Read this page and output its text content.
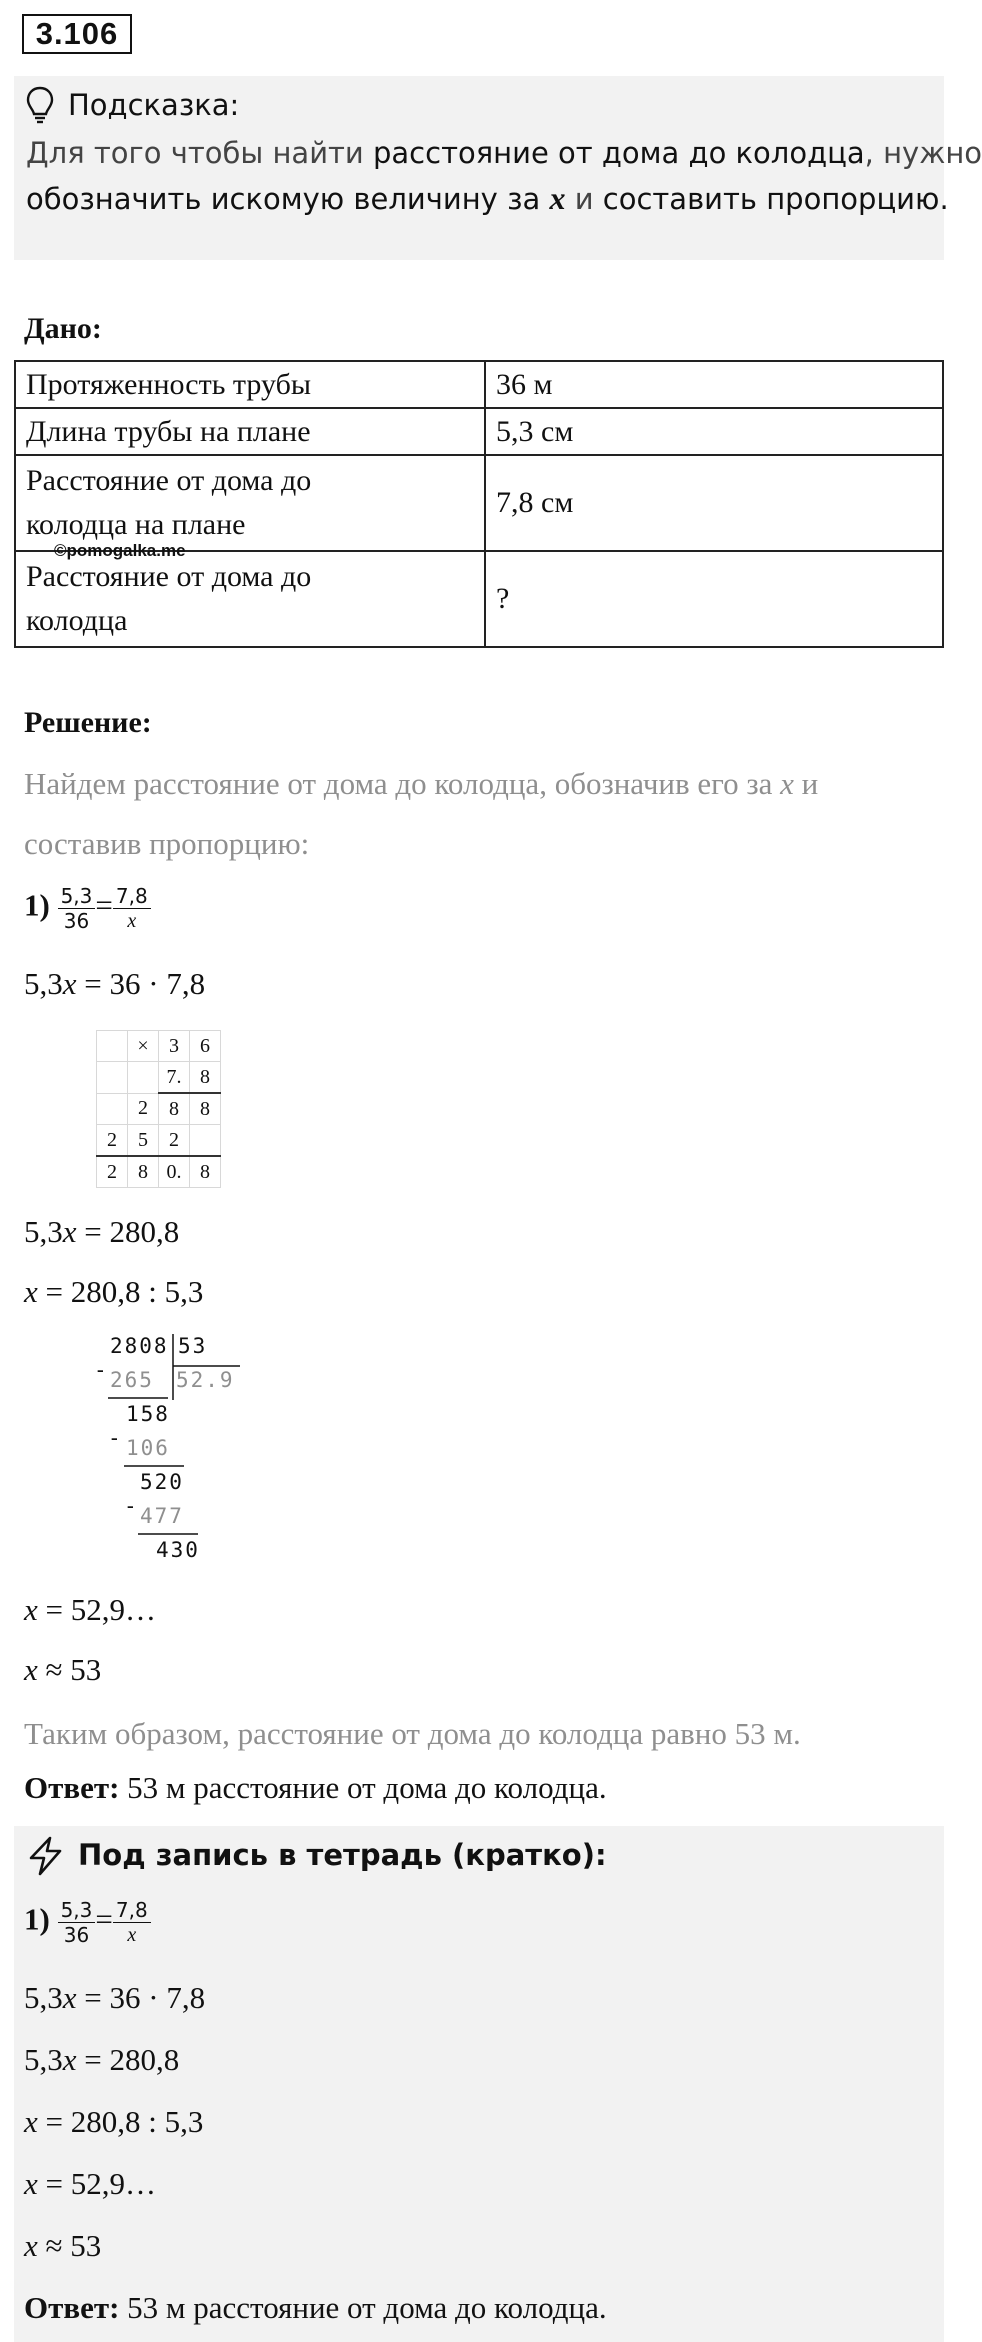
3.106
Подсказка:
Для того чтобы найти расстояние от дома до колодца, нужно
обозначить искомую величину за x и составить пропорцию.
Дано:
Протяженность трубы	36 м
Длина трубы на плане	5,3 см

Расстояние от дома до
колодца на плане	7,8 см

Расстояние от дома до
колодца	?
©pomogalka.me
Решение:
Найдем расстояние от дома до колодца, обозначив его за x и
составив пропорцию:
$1) \frac{5,3}{36} = \frac{7,8}{x}$
5,3x = 36 · 7,8
	×	3	6
		7.	8
	2	8	8
2	5	2	
2	8	0.	8
5,3x = 280,8
x = 280,8 : 5,3
2808 53
52.9
- 265
158
- 106
520
- 477
430
x = 52,9…
x ≈ 53
Таким образом, расстояние от дома до колодца равно 53 м.
Ответ: 53 м расстояние от дома до колодца.
Под запись в тетрадь (кратко):
$1) \frac{5,3}{36} = \frac{7,8}{x}$
5,3x = 36 · 7,8
5,3x = 280,8
x = 280,8 : 5,3
x = 52,9…
x ≈ 53
Ответ: 53 м расстояние от дома до колодца.
